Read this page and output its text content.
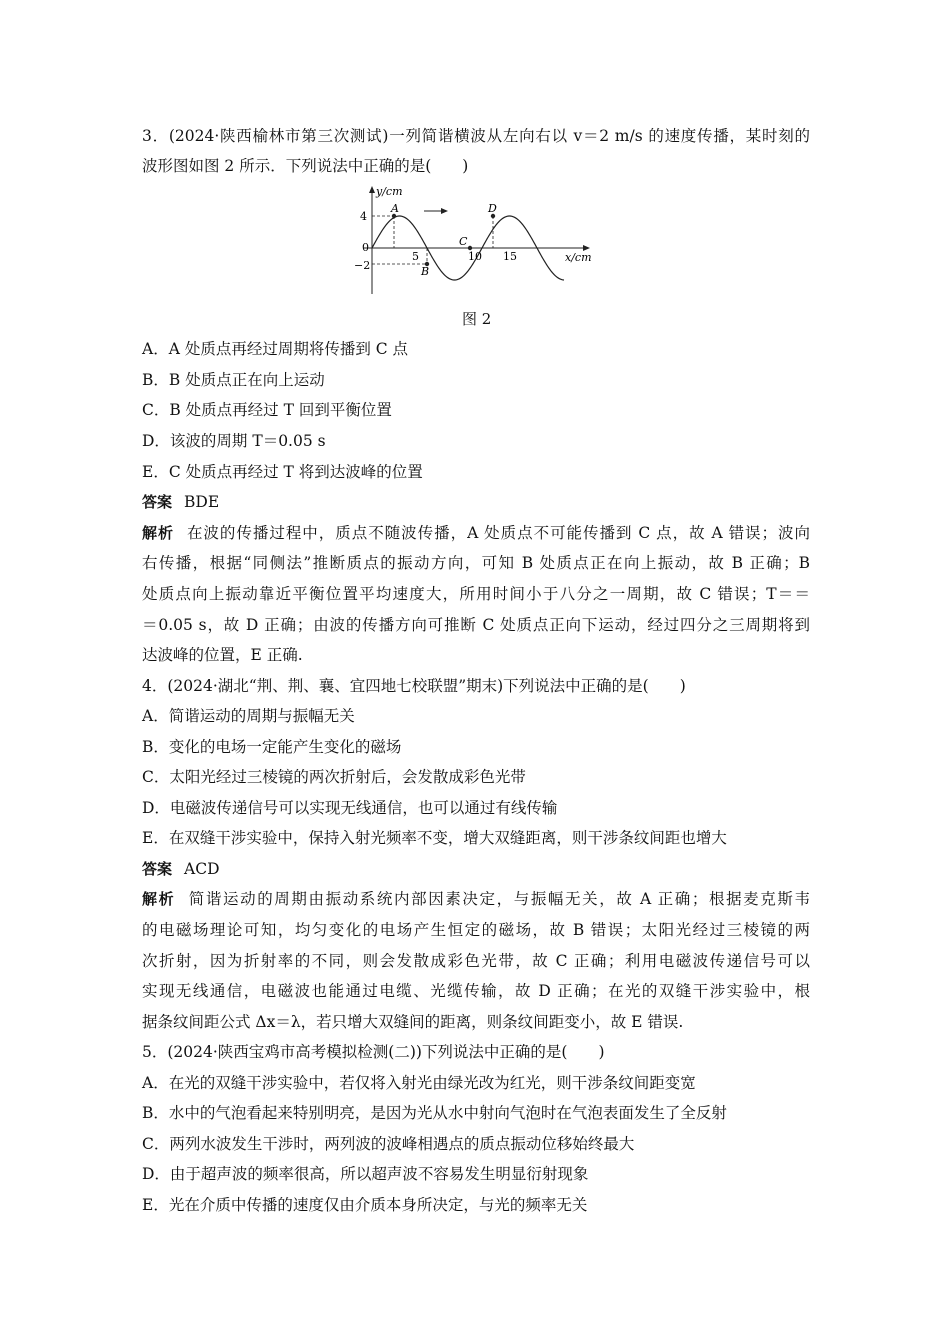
3．(2024·陕西榆林市第三次测试)一列简谐横波从左向右以 v＝2 m/s 的速度传播，某时刻的
波形图如图 2 所示．下列说法中正确的是(　　)
A
B
C
D
y/cm
x/cm
4
0
−2
5	10 15
图 2
A．A 处质点再经过周期将传播到 C 点
B．B 处质点正在向上运动
C．B 处质点再经过 T 回到平衡位置
D．该波的周期 T＝0.05 s
E．C 处质点再经过 T 将到达波峰的位置
答案 BDE
解析 在波的传播过程中，质点不随波传播，A 处质点不可能传播到 C 点，故 A 错误；波向
右传播，根据“同侧法”推断质点的振动方向，可知 B 处质点正在向上振动，故 B 正确；B
处质点向上振动靠近平衡位置平均速度大，所用时间小于八分之一周期，故 C 错误；T＝＝
＝0.05 s，故 D 正确；由波的传播方向可推断 C 处质点正向下运动，经过四分之三周期将到
达波峰的位置，E 正确.
4．(2024·湖北“荆、荆、襄、宜四地七校联盟”期末)下列说法中正确的是(　　)
A．简谐运动的周期与振幅无关
B．变化的电场一定能产生变化的磁场
C．太阳光经过三棱镜的两次折射后，会发散成彩色光带
D．电磁波传递信号可以实现无线通信，也可以通过有线传输
E．在双缝干涉实验中，保持入射光频率不变，增大双缝距离，则干涉条纹间距也增大
答案 ACD
解析 简谐运动的周期由振动系统内部因素决定，与振幅无关，故 A 正确；根据麦克斯韦
的电磁场理论可知，均匀变化的电场产生恒定的磁场，故 B 错误；太阳光经过三棱镜的两
次折射，因为折射率的不同，则会发散成彩色光带，故 C 正确；利用电磁波传递信号可以
实现无线通信，电磁波也能通过电缆、光缆传输，故 D 正确；在光的双缝干涉实验中，根
据条纹间距公式 Δx＝λ，若只增大双缝间的距离，则条纹间距变小，故 E 错误.
5．(2024·陕西宝鸡市高考模拟检测(二))下列说法中正确的是(　　)
A．在光的双缝干涉实验中，若仅将入射光由绿光改为红光，则干涉条纹间距变宽
B．水中的气泡看起来特别明亮，是因为光从水中射向气泡时在气泡表面发生了全反射
C．两列水波发生干涉时，两列波的波峰相遇点的质点振动位移始终最大
D．由于超声波的频率很高，所以超声波不容易发生明显衍射现象
E．光在介质中传播的速度仅由介质本身所决定，与光的频率无关
